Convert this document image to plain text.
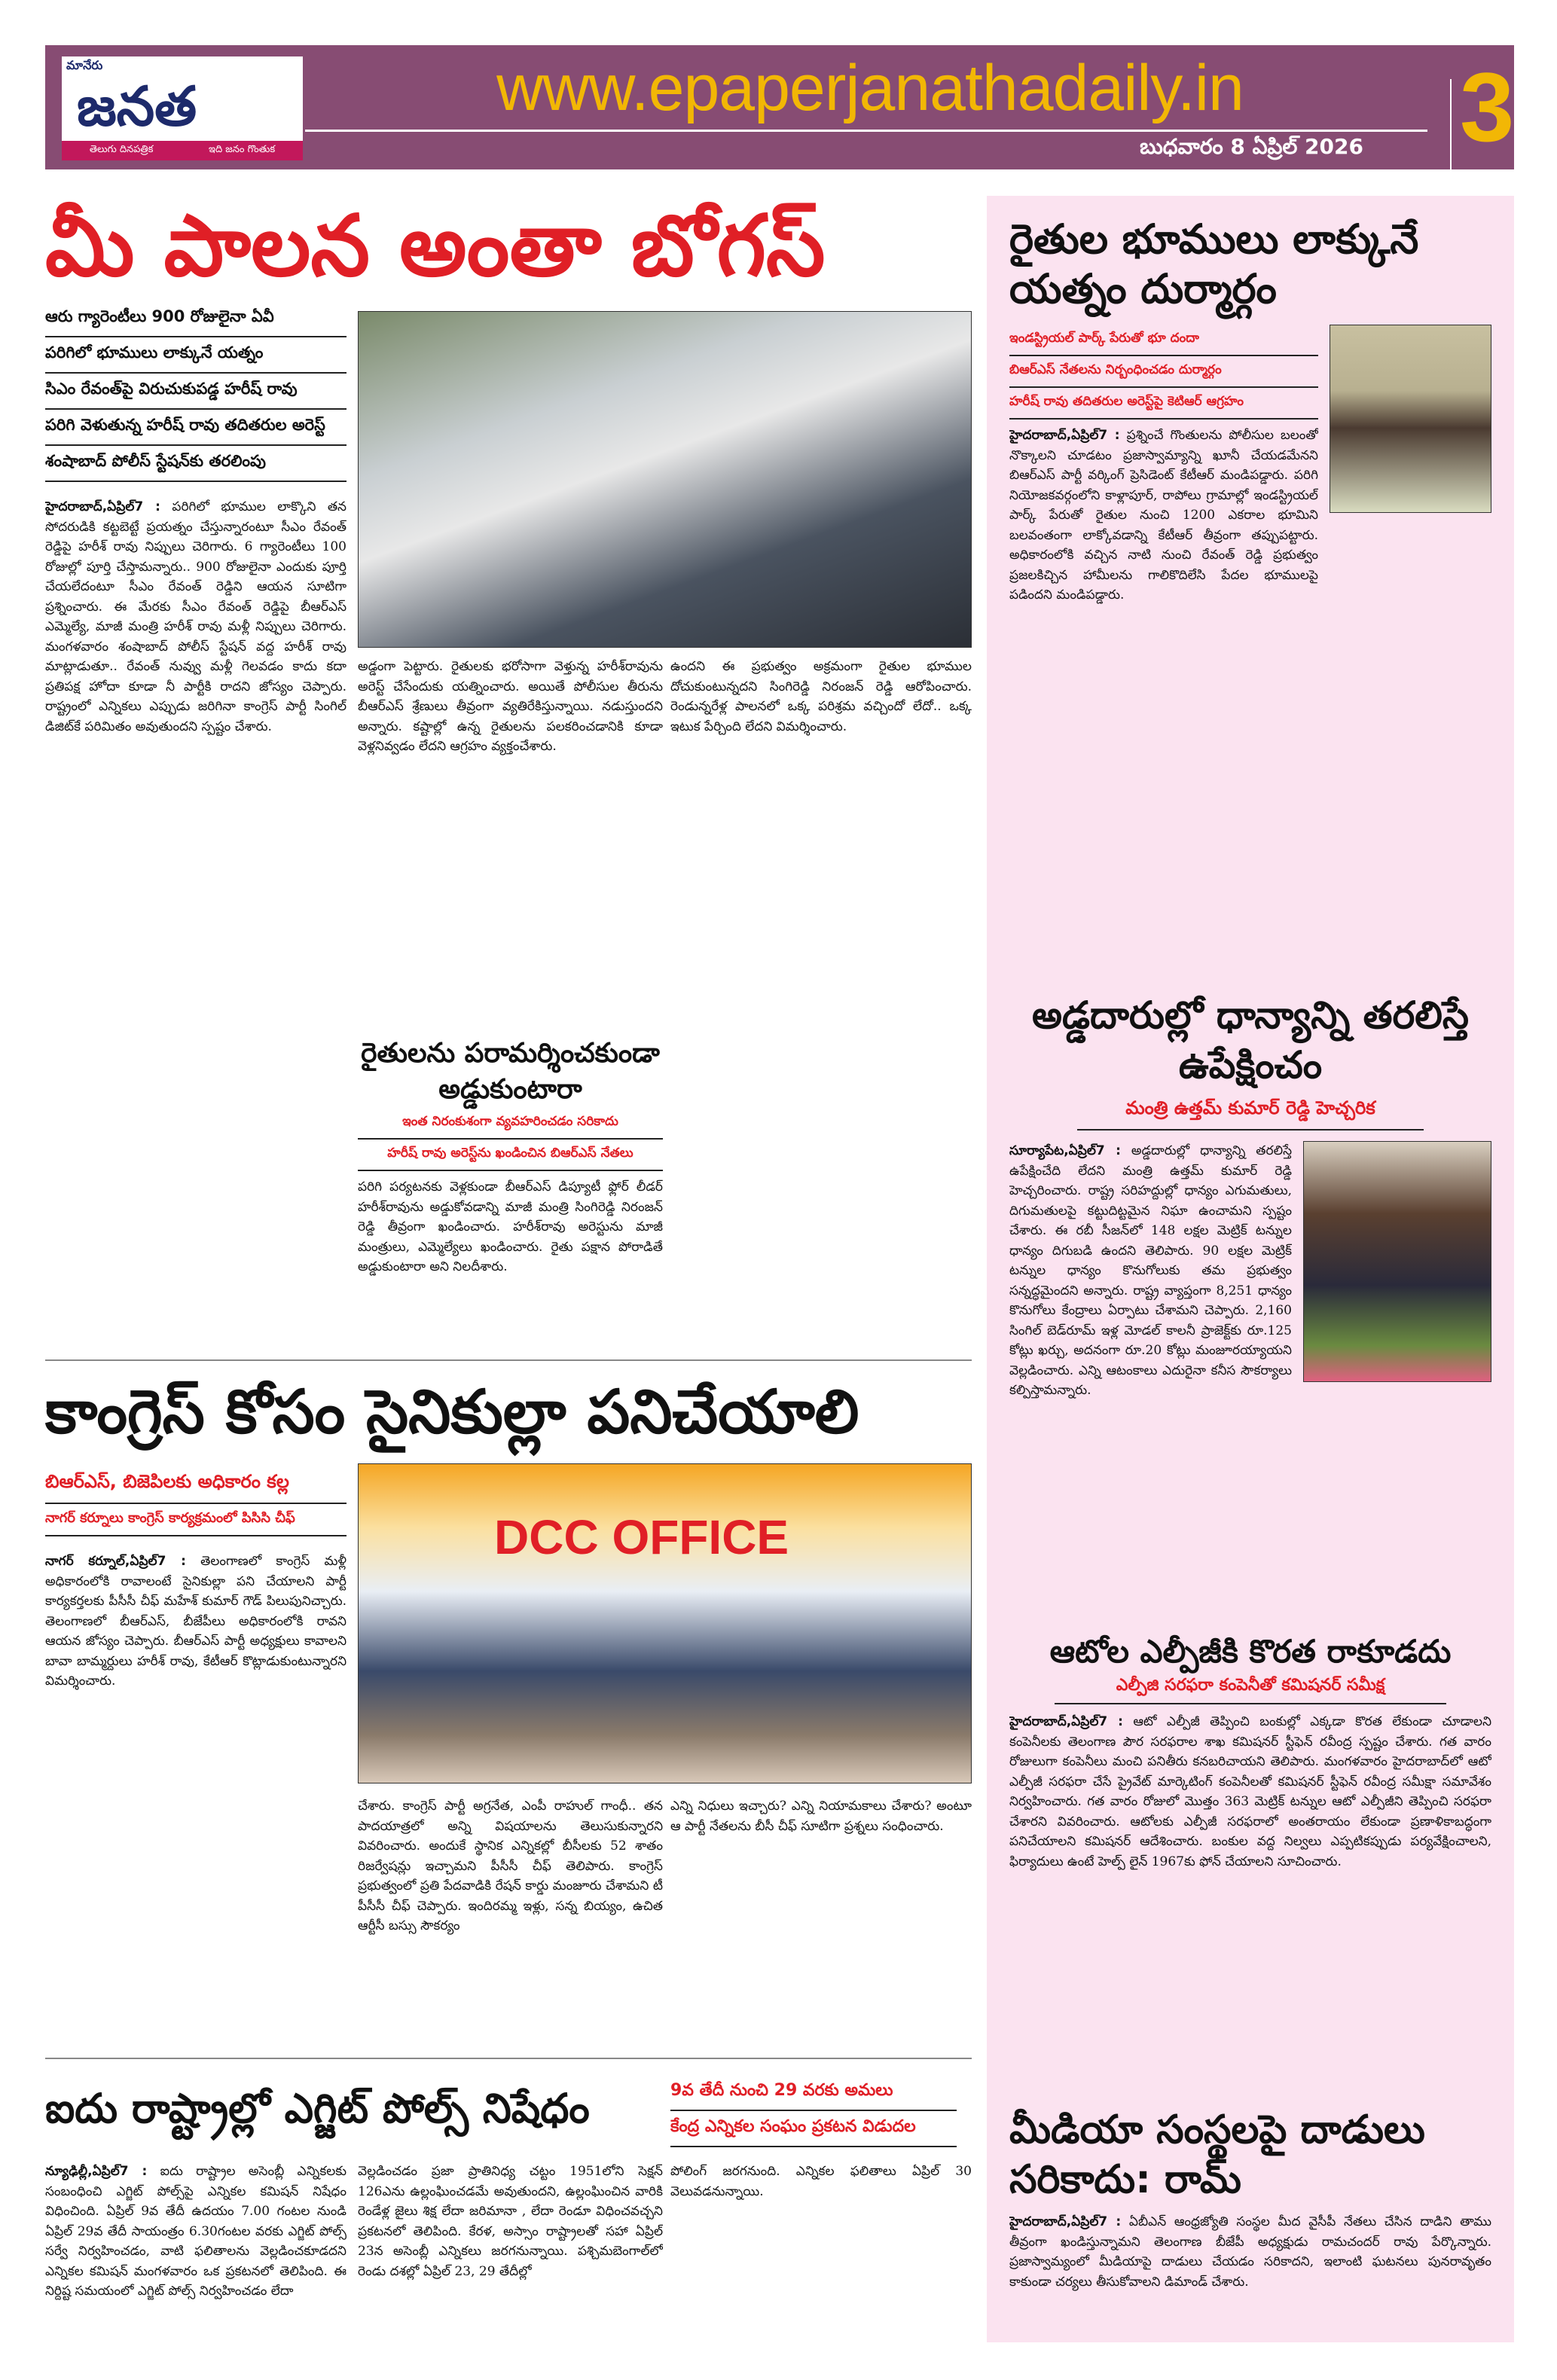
మానేరు
జనత
తెలుగు దినపత్రిక	ఇది జనం గొంతుక
www.epaperjanathadaily.in
బుధవారం 8 ఏప్రిల్ 2026 3
మీ పాలన అంతా బోగస్
ఆరు గ్యారెంటీలు 900 రోజులైనా ఏవీ
పరిగిలో భూములు లాక్కునే యత్నం
సిఎం రేవంత్‌పై విరుచుకుపడ్డ హరీష్ రావు
పరిగి వెళుతున్న హరీష్ రావు తదితరుల అరెస్ట్
శంషాబాద్ పోలీస్ స్టేషన్‌కు తరలింపు
హైదరాబాద్,ఏప్రిల్7 : పరిగిలో భూముల లాక్కొని తన సోదరుడికి కట్టబెట్టే ప్రయత్నం చేస్తున్నారంటూ సీఎం రేవంత్ రెడ్డిపై హరీశ్ రావు నిప్పులు చెరిగారు. 6 గ్యారెంటీలు 100 రోజుల్లో పూర్తి చేస్తామన్నారు.. 900 రోజులైనా ఎందుకు పూర్తి చేయలేదంటూ సీఎం రేవంత్ రెడ్డిని ఆయన సూటిగా ప్రశ్నించారు. ఈ మేరకు సీఎం రేవంత్ రెడ్డిపై బీఆర్ఎస్ ఎమ్మెల్యే, మాజీ మంత్రి హరీశ్ రావు మళ్లీ నిప్పులు చెరిగారు. మంగళవారం శంషాబాద్ పోలీస్ స్టేషన్ వద్ద హరీశ్ రావు మాట్లాడుతూ.. రేవంత్ నువ్వు మళ్లీ గెలవడం కాదు కదా ప్రతిపక్ష హోదా కూడా నీ పార్టీకి రాదని జోస్యం చెప్పారు. రాష్ట్రంలో ఎన్నికలు ఎప్పుడు జరిగినా కాంగ్రెస్ పార్టీ సింగిల్ డిజిట్‌కే పరిమితం అవుతుందని స్పష్టం చేశారు.
అడ్డంగా పెట్టారు. రైతులకు భరోసాగా వెళ్తున్న హరీశ్‌రావును అరెస్ట్ చేసేందుకు యత్నించారు. అయితే పోలీసుల తీరును బీఆర్ఎస్ శ్రేణులు తీవ్రంగా వ్యతిరేకిస్తున్నాయి. నడుస్తుందని అన్నారు. కష్టాల్లో ఉన్న రైతులను పలకరించడానికి కూడా వెళ్లనివ్వడం లేదని ఆగ్రహం వ్యక్తంచేశారు.
రైతులను పరామర్శించకుండా అడ్డుకుంటారా
ఇంత నిరంకుశంగా వ్యవహరించడం సరికాదు
హరీష్ రావు అరెస్ట్‌ను ఖండించిన బిఆర్ఎస్ నేతలు
పరిగి పర్యటనకు వెళ్లకుండా బీఆర్ఎస్ డిప్యూటీ ఫ్లోర్ లీడర్ హరీశ్‌రావును అడ్డుకోవడాన్ని మాజీ మంత్రి సింగిరెడ్డి నిరంజన్ రెడ్డి తీవ్రంగా ఖండించారు. హరీశ్‌రావు అరెస్టును మాజీ మంత్రులు, ఎమ్మెల్యేలు ఖండించారు. రైతు పక్షాన పోరాడితే అడ్డుకుంటారా అని నిలదీశారు.
ఉందని ఈ ప్రభుత్వం అక్రమంగా రైతుల భూముల దోచుకుంటున్నదని సింగిరెడ్డి నిరంజన్ రెడ్డి ఆరోపించారు. రెండున్నరేళ్ల పాలనలో ఒక్క పరిశ్రమ వచ్చిందో లేదో.. ఒక్క ఇటుక పేర్చింది లేదని విమర్శించారు.
కాంగ్రెస్ కోసం సైనికుల్లా పనిచేయాలి
బిఆర్ఎస్, బిజెపిలకు అధికారం కల్ల
నాగర్ కర్నూలు కాంగ్రెస్ కార్యక్రమంలో పిసిసి చీఫ్	DCC OFFICE
నాగర్ కర్నూల్,ఏప్రిల్7 : తెలంగాణలో కాంగ్రెస్ మళ్లీ అధికారంలోకి రావాలంటే సైనికుల్లా పని చేయాలని పార్టీ కార్యకర్తలకు పీసీసీ చీఫ్ మహేశ్ కుమార్ గౌడ్ పిలుపునిచ్చారు. తెలంగాణలో బీఆర్ఎస్, బీజేపీలు అధికారంలోకి రావని ఆయన జోస్యం చెప్పారు. బీఆర్ఎస్ పార్టీ అధ్యక్షులు కావాలని బావా బామ్మర్దులు హరీశ్ రావు, కేటీఆర్ కొట్లాడుకుంటున్నారని విమర్శించారు.
చేశారు. కాంగ్రెస్ పార్టీ అగ్రనేత, ఎంపీ రాహుల్ గాంధీ.. తన పాదయాత్రలో అన్ని విషయాలను తెలుసుకున్నారని వివరించారు. అందుకే స్థానిక ఎన్నికల్లో బీసీలకు 52 శాతం రిజర్వేషన్లు ఇచ్చామని పీసీసీ చీఫ్ తెలిపారు. కాంగ్రెస్ ప్రభుత్వంలో ప్రతి పేదవాడికి రేషన్ కార్డు మంజూరు చేశామని టీ పీసీసీ చీఫ్ చెప్పారు. ఇందిరమ్మ ఇళ్లు, సన్న బియ్యం, ఉచిత ఆర్టీసీ బస్సు సౌకర్యం
ఎన్ని నిధులు ఇచ్చారు? ఎన్ని నియామకాలు చేశారు? అంటూ ఆ పార్టీ నేతలను బీసీ చీఫ్ సూటిగా ప్రశ్నలు సంధించారు.
ఐదు రాష్ట్రాల్లో ఎగ్జిట్ పోల్స్ నిషేధం	9వ తేదీ నుంచి 29 వరకు అమలు
కేంద్ర ఎన్నికల సంఘం ప్రకటన విడుదల
న్యూఢిల్లీ,ఏప్రిల్7 : ఐదు రాష్ట్రాల అసెంబ్లీ ఎన్నికలకు సంబంధించి ఎగ్జిట్ పోల్స్‌పై ఎన్నికల కమిషన్ నిషేధం విధించింది. ఏప్రిల్ 9వ తేదీ ఉదయం 7.00 గంటల నుండి ఏప్రిల్ 29వ తేదీ సాయంత్రం 6.30గంటల వరకు ఎగ్జిట్ పోల్స్ సర్వే నిర్వహించడం, వాటి ఫలితాలను వెల్లడించకూడదని ఎన్నికల కమిషన్ మంగళవారం ఒక ప్రకటనలో తెలిపింది. ఈ నిర్దిష్ట సమయంలో ఎగ్జిట్ పోల్స్ నిర్వహించడం లేదా
వెల్లడించడం ప్రజా ప్రాతినిధ్య చట్టం 1951లోని సెక్షన్ 126ఎను ఉల్లంఘించడమే అవుతుందని, ఉల్లంఘించిన వారికి రెండేళ్ల జైలు శిక్ష లేదా జరిమానా , లేదా రెండూ విధించవచ్చని ప్రకటనలో తెలిపింది. కేరళ, అస్సాం రాష్ట్రాలతో సహా ఏప్రిల్ 23న అసెంబ్లీ ఎన్నికలు జరగనున్నాయి. పశ్చిమబెంగాల్‌లో రెండు దశల్లో ఏప్రిల్ 23, 29 తేదీల్లో
పోలింగ్ జరగనుంది. ఎన్నికల ఫలితాలు ఏప్రిల్ 30 వెలువడనున్నాయి.
రైతుల భూములు లాక్కునే యత్నం దుర్మార్గం
ఇండస్ట్రియల్ పార్క్ పేరుతో భూ దందా
బిఆర్ఎస్ నేతలను నిర్బంధించడం దుర్మార్గం
హరీష్ రావు తదితరుల అరెస్ట్‌పై కెటిఆర్ ఆగ్రహం
హైదరాబాద్,ఏప్రిల్7 : ప్రశ్నించే గొంతులను పోలీసుల బలంతో నొక్కాలని చూడటం ప్రజాస్వామ్యాన్ని ఖూనీ చేయడమేనని బిఆర్ఎస్ పార్టీ వర్కింగ్ ప్రెసిడెంట్ కేటీఆర్ మండిపడ్డారు. పరిగి నియోజకవర్గంలోని కాళ్లాపూర్, రాపోలు గ్రామాల్లో ఇండస్ట్రియల్ పార్క్ పేరుతో రైతుల నుంచి 1200 ఎకరాల భూమిని బలవంతంగా లాక్కోవడాన్ని కేటీఆర్ తీవ్రంగా తప్పుపట్టారు. అధికారంలోకి వచ్చిన నాటి నుంచి రేవంత్ రెడ్డి ప్రభుత్వం ప్రజలకిచ్చిన హామీలను గాలికొదిలేసి పేదల భూములపై పడిందని మండిపడ్డారు.
అడ్డదారుల్లో ధాన్యాన్ని తరలిస్తే ఉపేక్షించం
మంత్రి ఉత్తమ్ కుమార్ రెడ్డి హెచ్చరిక
సూర్యాపేట,ఏప్రిల్7 : అడ్డదారుల్లో ధాన్యాన్ని తరలిస్తే ఉపేక్షించేది లేదని మంత్రి ఉత్తమ్ కుమార్ రెడ్డి హెచ్చరించారు. రాష్ట్ర సరిహద్దుల్లో ధాన్యం ఎగుమతులు, దిగుమతులపై కట్టుదిట్టమైన నిఘా ఉంచామని స్పష్టం చేశారు. ఈ రబీ సీజన్‌లో 148 లక్షల మెట్రిక్ టన్నుల ధాన్యం దిగుబడి ఉందని తెలిపారు. 90 లక్షల మెట్రిక్ టన్నుల ధాన్యం కొనుగోలుకు తమ ప్రభుత్వం సన్నద్ధమైందని అన్నారు. రాష్ట్ర వ్యాప్తంగా 8,251 ధాన్యం కొనుగోలు కేంద్రాలు ఏర్పాటు చేశామని చెప్పారు. 2,160 సింగిల్ బెడ్‌రూమ్ ఇళ్ల మోడల్ కాలనీ ప్రాజెక్ట్‌కు రూ.125 కోట్లు ఖర్చు, అదనంగా రూ.20 కోట్లు మంజూరయ్యాయని వెల్లడించారు. ఎన్ని ఆటంకాలు ఎదురైనా కనీస సౌకర్యాలు కల్పిస్తామన్నారు.
ఆటోల ఎల్పీజీకి కొరత రాకూడదు
ఎల్పీజి సరఫరా కంపెనీతో కమిషనర్ సమీక్ష
హైదరాబాద్,ఏప్రిల్7 : ఆటో ఎల్పీజీ తెప్పించి బంకుల్లో ఎక్కడా కొరత లేకుండా చూడాలని కంపెనీలకు తెలంగాణ పౌర సరఫరాల శాఖ కమిషనర్ స్టీఫెన్ రవీంద్ర స్పష్టం చేశారు. గత వారం రోజులుగా కంపెనీలు మంచి పనితీరు కనబరిచాయని తెలిపారు. మంగళవారం హైదరాబాద్‌లో ఆటో ఎల్పీజీ సరఫరా చేసే ప్రైవేట్ మార్కెటింగ్ కంపెనీలతో కమిషనర్ స్టీఫెన్ రవీంద్ర సమీక్షా సమావేశం నిర్వహించారు. గత వారం రోజులో మొత్తం 363 మెట్రిక్ టన్నుల ఆటో ఎల్పీజీని తెప్పించి సరఫరా చేశారని వివరించారు. ఆటోలకు ఎల్పీజీ సరఫరాలో అంతరాయం లేకుండా ప్రణాళికాబద్ధంగా పనిచేయాలని కమిషనర్ ఆదేశించారు. బంకుల వద్ద నిల్వలు ఎప్పటికప్పుడు పర్యవేక్షించాలని, ఫిర్యాదులు ఉంటే హెల్ప్ లైన్ 1967కు ఫోన్ చేయాలని సూచించారు.
మీడియా సంస్థలపై దాడులు సరికాదు: రామ్
హైదరాబాద్,ఏప్రిల్7 : ఏబీఎన్ ఆంధ్రజ్యోతి సంస్థల మీద వైసీపీ నేతలు చేసిన దాడిని తాము తీవ్రంగా ఖండిస్తున్నామని తెలంగాణ బీజేపీ అధ్యక్షుడు రామచందర్ రావు పేర్కొన్నారు. ప్రజాస్వామ్యంలో మీడియాపై దాడులు చేయడం సరికాదని, ఇలాంటి ఘటనలు పునరావృతం కాకుండా చర్యలు తీసుకోవాలని డిమాండ్ చేశారు.
